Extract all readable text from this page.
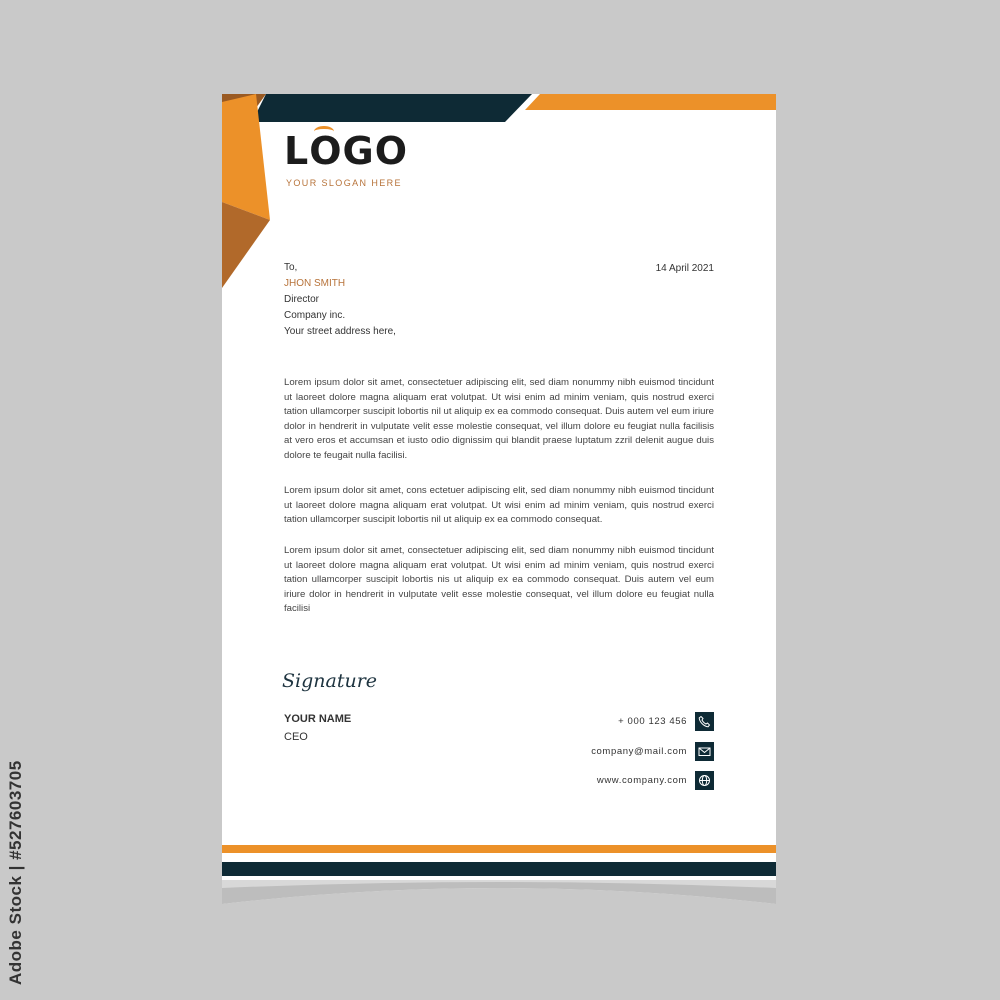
Adobe Stock | #527603705
LOGO
YOUR SLOGAN HERE
To,
JHON SMITH
Director
Company inc.
Your street address here,
14 April 2021
Lorem ipsum dolor sit amet, consectetuer adipiscing elit, sed diam nonummy nibh euismod tincidunt ut laoreet dolore magna aliquam erat volutpat. Ut wisi enim ad minim veniam, quis nostrud exerci tation ullamcorper suscipit lobortis nil ut aliquip ex ea commodo consequat. Duis autem vel eum iriure dolor in hendrerit in vulputate velit esse molestie consequat, vel illum dolore eu feugiat nulla facilisis at vero eros et accumsan et iusto odio dignissim qui blandit praese luptatum zzril delenit augue duis dolore te feugait nulla facilisi.
Lorem ipsum dolor sit amet, cons ectetuer adipiscing elit, sed diam nonummy nibh euismod tincidunt ut laoreet dolore magna aliquam erat volutpat. Ut wisi enim ad minim veniam, quis nostrud exerci tation ullamcorper suscipit lobortis nil ut aliquip ex ea commodo consequat.
Lorem ipsum dolor sit amet, consectetuer adipiscing elit, sed diam nonummy nibh euismod tincidunt ut laoreet dolore magna aliquam erat volutpat. Ut wisi enim ad minim veniam, quis nostrud exerci tation ullamcorper suscipit lobortis nis ut aliquip ex ea commodo consequat. Duis autem vel eum iriure dolor in hendrerit in vulputate velit esse molestie consequat, vel illum dolore eu feugiat nulla facilisi
Signature
YOUR NAME
CEO
+ 000 123 456
company@mail.com
www.company.com
